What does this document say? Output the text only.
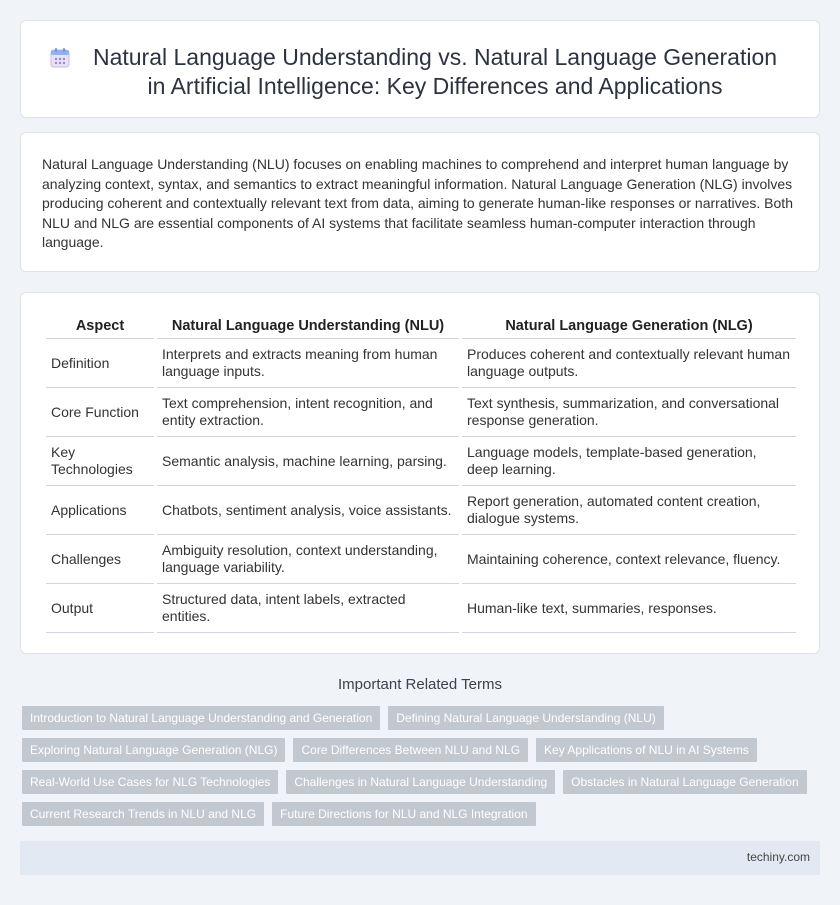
Natural Language Understanding vs. Natural Language Generation in Artificial Intelligence: Key Differences and Applications

Natural Language Understanding (NLU) focuses on enabling machines to comprehend and interpret human language by analyzing context, syntax, and semantics to extract meaningful information. Natural Language Generation (NLG) involves producing coherent and contextually relevant text from data, aiming to generate human-like responses or narratives. Both NLU and NLG are essential components of AI systems that facilitate seamless human-computer interaction through language.

Aspect	Natural Language Understanding (NLU)	Natural Language Generation (NLG)
Definition	Interprets and extracts meaning from human language inputs.	Produces coherent and contextually relevant human language outputs.
Core Function	Text comprehension, intent recognition, and entity extraction.	Text synthesis, summarization, and conversational response generation.
Key Technologies	Semantic analysis, machine learning, parsing.	Language models, template-based generation, deep learning.
Applications	Chatbots, sentiment analysis, voice assistants.	Report generation, automated content creation, dialogue systems.
Challenges	Ambiguity resolution, context understanding, language variability.	Maintaining coherence, context relevance, fluency.
Output	Structured data, intent labels, extracted entities.	Human-like text, summaries, responses.
Important Related Terms
Introduction to Natural Language Understanding and Generation	Defining Natural Language Understanding (NLU)
Exploring Natural Language Generation (NLG)	Core Differences Between NLU and NLG	Key Applications of NLU in AI Systems
Real-World Use Cases for NLG Technologies	Challenges in Natural Language Understanding	Obstacles in Natural Language Generation
Current Research Trends in NLU and NLG	Future Directions for NLU and NLG Integration
techiny.com
